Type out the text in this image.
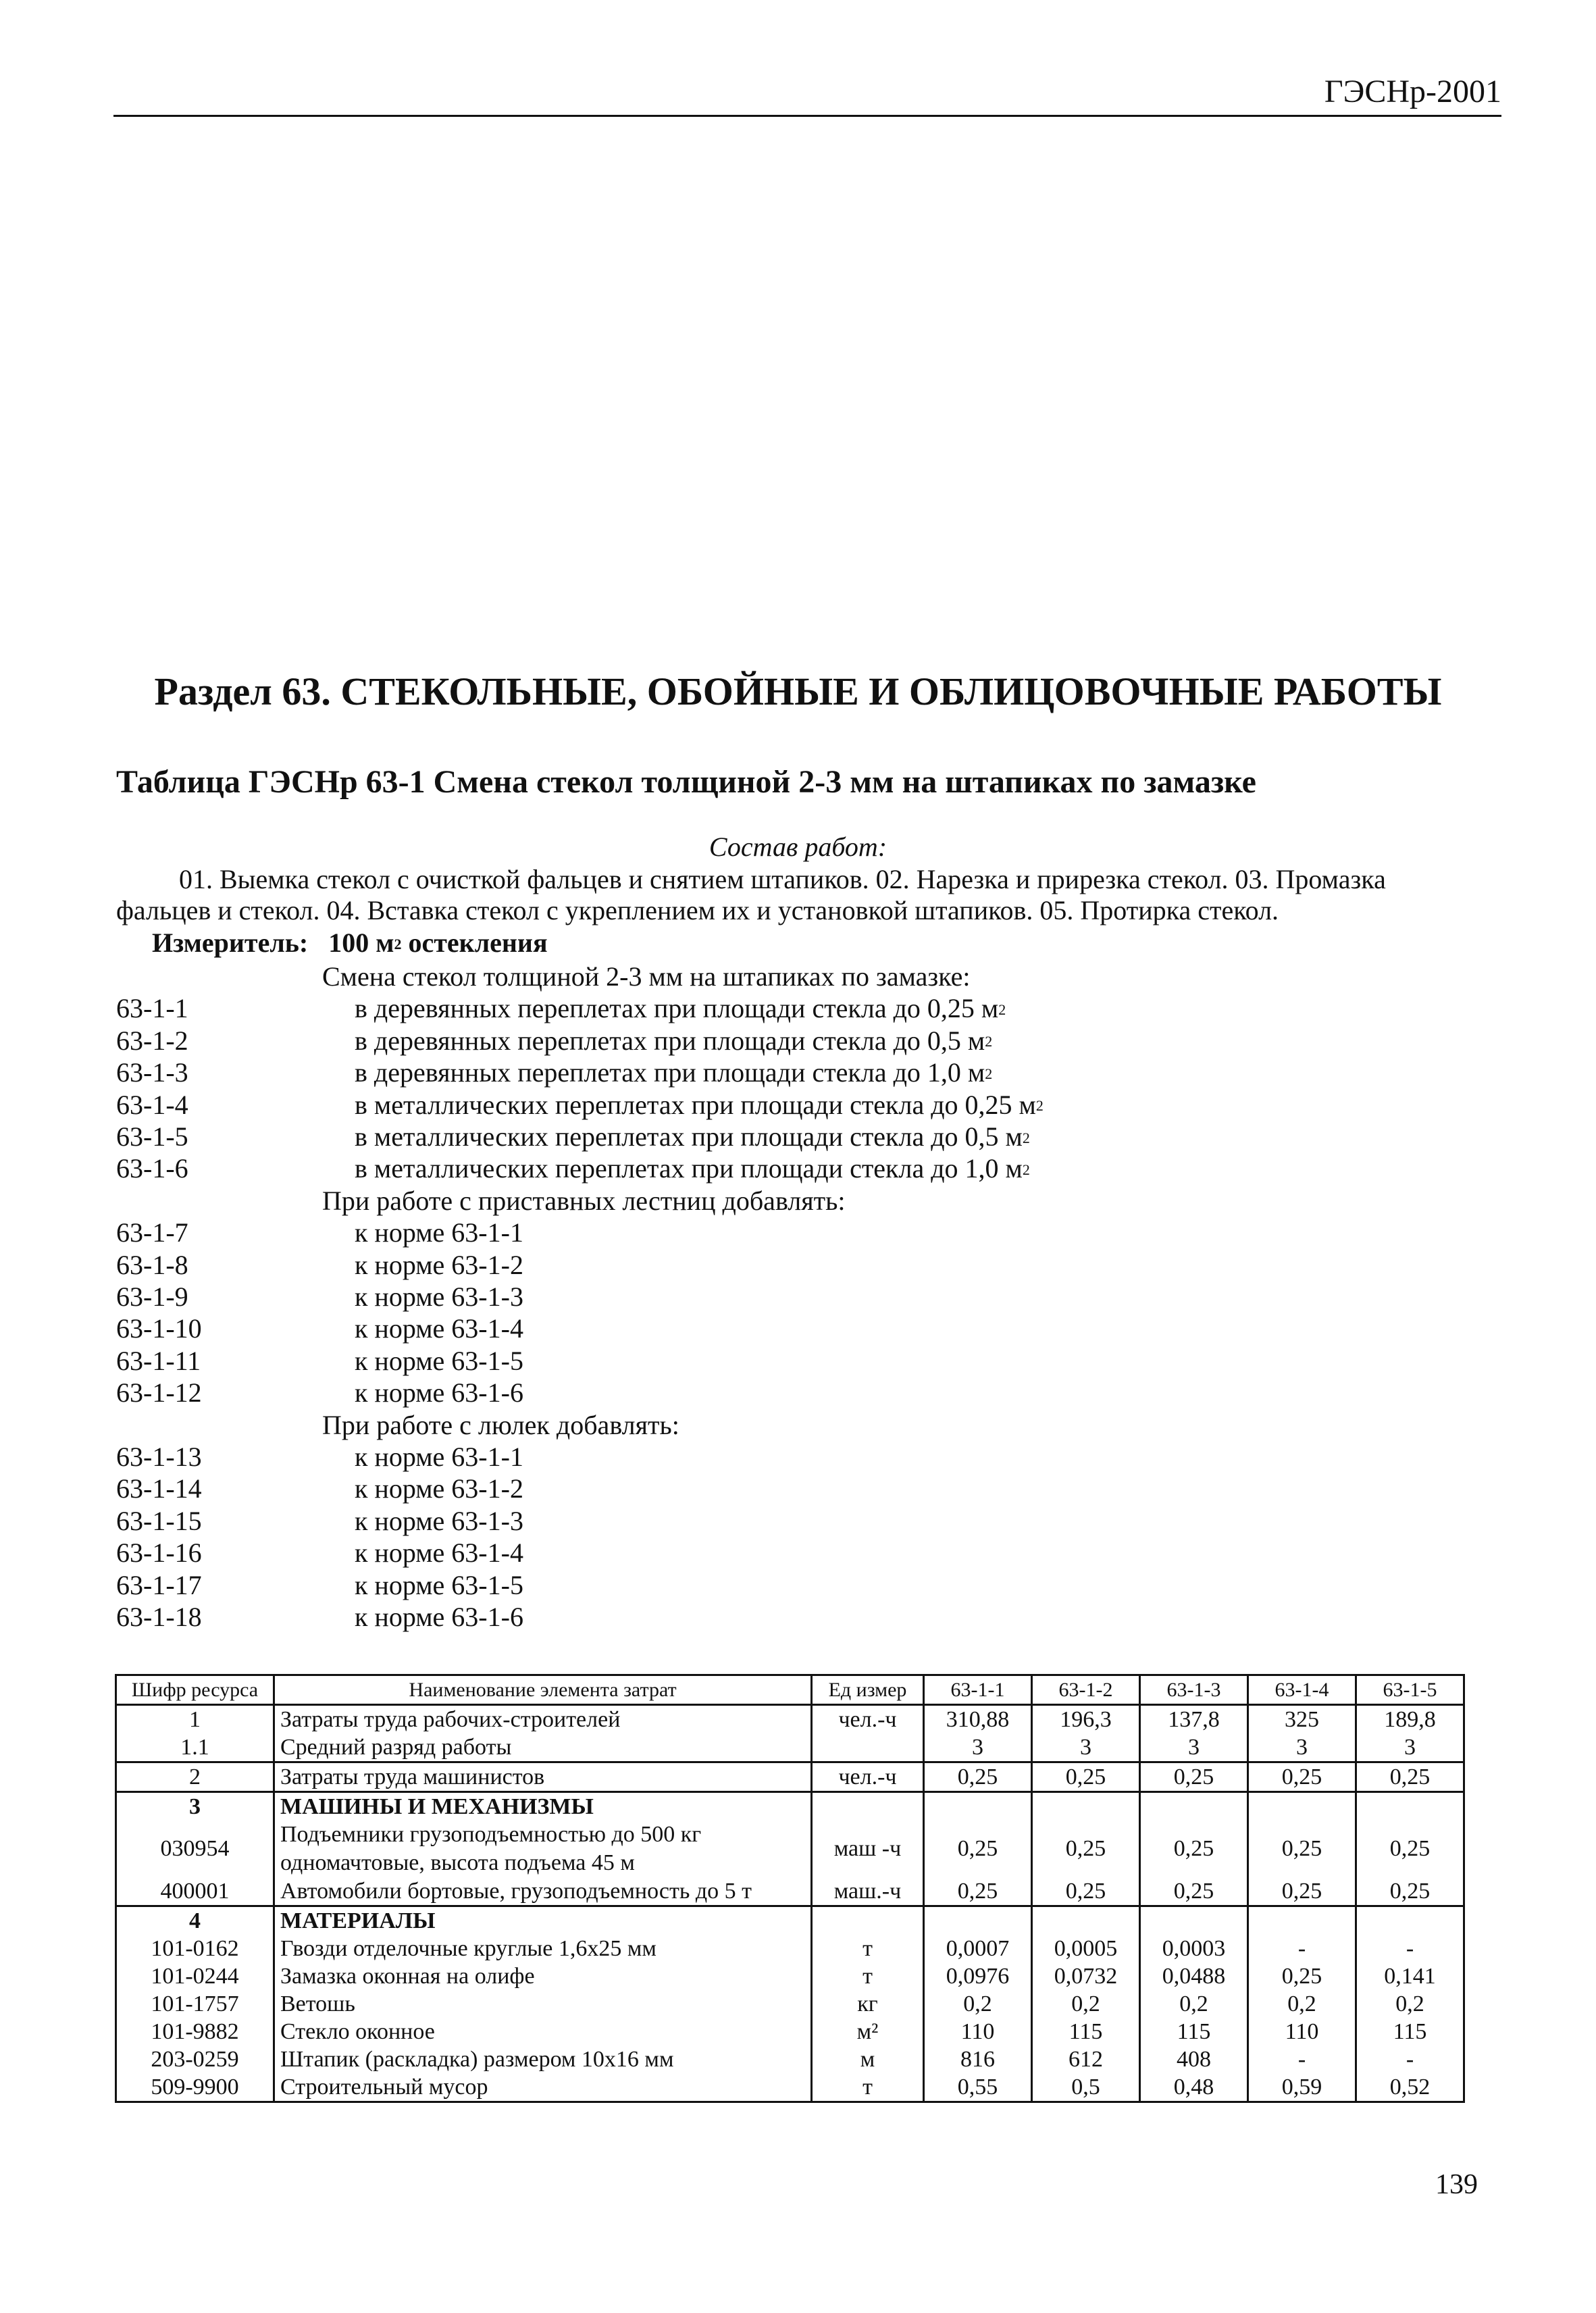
ГЭСНр-2001
Раздел 63. СТЕКОЛЬНЫЕ, ОБОЙНЫЕ И ОБЛИЦОВОЧНЫЕ РАБОТЫ
Таблица ГЭСНр 63-1 Смена стекол толщиной 2-3 мм на штапиках по замазке
Состав работ:
01. Выемка стекол с очисткой фальцев и снятием штапиков. 02. Нарезка и прирезка стекол. 03. Промазка
фальцев и стекол. 04. Вставка стекол с укреплением их и установкой штапиков. 05. Протирка стекол.
Измеритель: 100 $м^2$ остекления
Смена стекол толщиной 2-3 мм на штапиках по замазке:
63-1-1	в деревянных переплетах при площади стекла до 0,25 $м^2$
63-1-2	в деревянных переплетах при площади стекла до 0,5 $м^2$
63-1-3	в деревянных переплетах при площади стекла до 1,0 $м^2$
63-1-4	в металлических переплетах при площади стекла до 0,25 $м^2$
63-1-5	в металлических переплетах при площади стекла до 0,5 $м^2$
63-1-6	в металлических переплетах при площади стекла до 1,0 $м^2$
При работе с приставных лестниц добавлять:
63-1-7	к норме 63-1-1
63-1-8	к норме 63-1-2
63-1-9	к норме 63-1-3
63-1-10	к норме 63-1-4
63-1-11	к норме 63-1-5
63-1-12	к норме 63-1-6
При работе с люлек добавлять:
63-1-13	к норме 63-1-1
63-1-14	к норме 63-1-2
63-1-15	к норме 63-1-3
63-1-16	к норме 63-1-4
63-1-17	к норме 63-1-5
63-1-18	к норме 63-1-6
Шифр ресурса	Наименование элемента затрат	Ед измер	63-1-1	63-1-2	63-1-3	63-1-4	63-1-5
1	Затраты труда рабочих-строителей	чел.-ч	310,88	196,3	137,8	325	189,8
1.1	Средний разряд работы		3	3	3	3	3
2	Затраты труда машинистов	чел.-ч	0,25	0,25	0,25	0,25	0,25
3	МАШИНЫ И МЕХАНИЗМЫ						
030954	Подъемники грузоподъемностью до 500 кг одномачтовые, высота подъема 45 м	маш -ч	0,25	0,25	0,25	0,25	0,25
400001	Автомобили бортовые, грузоподъемность до 5 т	маш.-ч	0,25	0,25	0,25	0,25	0,25
4	МАТЕРИАЛЫ						
101-0162	Гвозди отделочные круглые 1,6x25 мм	т	0,0007	0,0005	0,0003	-	-
101-0244	Замазка оконная на олифе	т	0,0976	0,0732	0,0488	0,25	0,141
101-1757	Ветошь	кг	0,2	0,2	0,2	0,2	0,2
101-9882	Стекло оконное	м²	110	115	115	110	115
203-0259	Штапик (раскладка) размером 10x16 мм	м	816	612	408	-	-
509-9900	Строительный мусор	т	0,55	0,5	0,48	0,59	0,52
139
